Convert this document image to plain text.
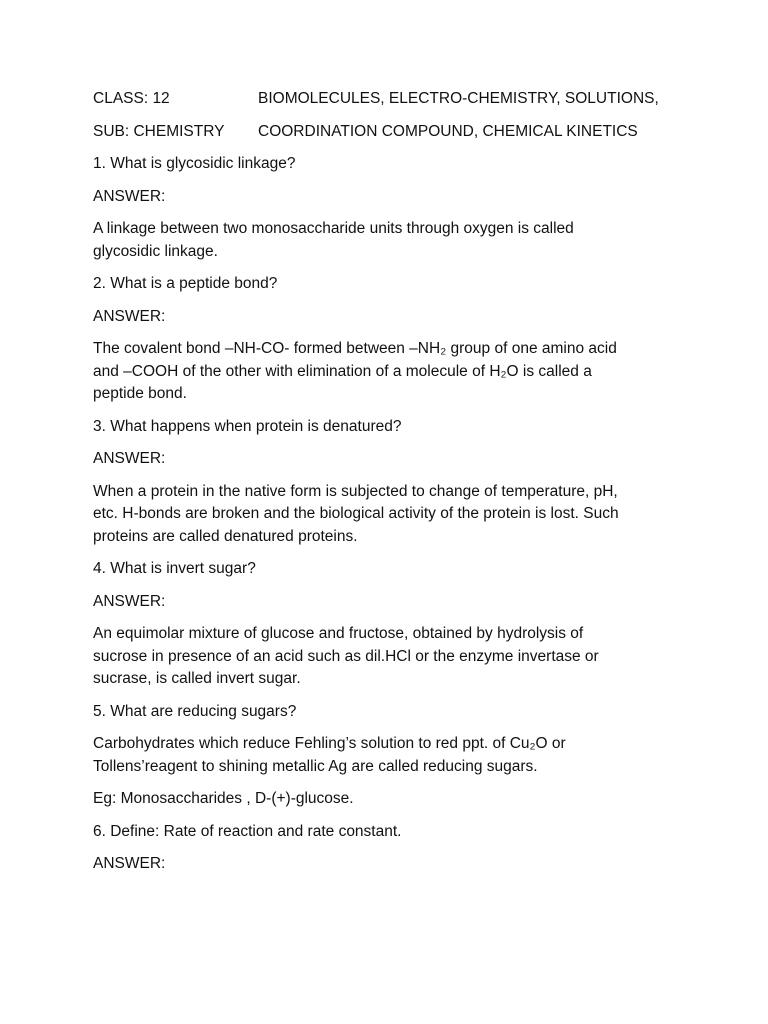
CLASS: 12	BIOMOLECULES, ELECTRO-CHEMISTRY, SOLUTIONS,
SUB: CHEMISTRY	COORDINATION COMPOUND, CHEMICAL KINETICS
1. What is glycosidic linkage?
ANSWER:
A linkage between two monosaccharide units through oxygen is called
glycosidic linkage.
2. What is a peptide bond?
ANSWER:
The covalent bond –NH-CO- formed between –NH₂ group of one amino acid
and –COOH of the other with elimination of a molecule of H₂O is called a
peptide bond.
3. What happens when protein is denatured?
ANSWER:
When a protein in the native form is subjected to change of temperature, pH,
etc. H-bonds are broken and the biological activity of the protein is lost. Such
proteins are called denatured proteins.
4. What is invert sugar?
ANSWER:
An equimolar mixture of glucose and fructose, obtained by hydrolysis of
sucrose in presence of an acid such as dil.HCl or the enzyme invertase or
sucrase, is called invert sugar.
5. What are reducing sugars?
Carbohydrates which reduce Fehling’s solution to red ppt. of Cu₂O or
Tollens’reagent to shining metallic Ag are called reducing sugars.
Eg: Monosaccharides , D-(+)-glucose.
6. Define: Rate of reaction and rate constant.
ANSWER:
